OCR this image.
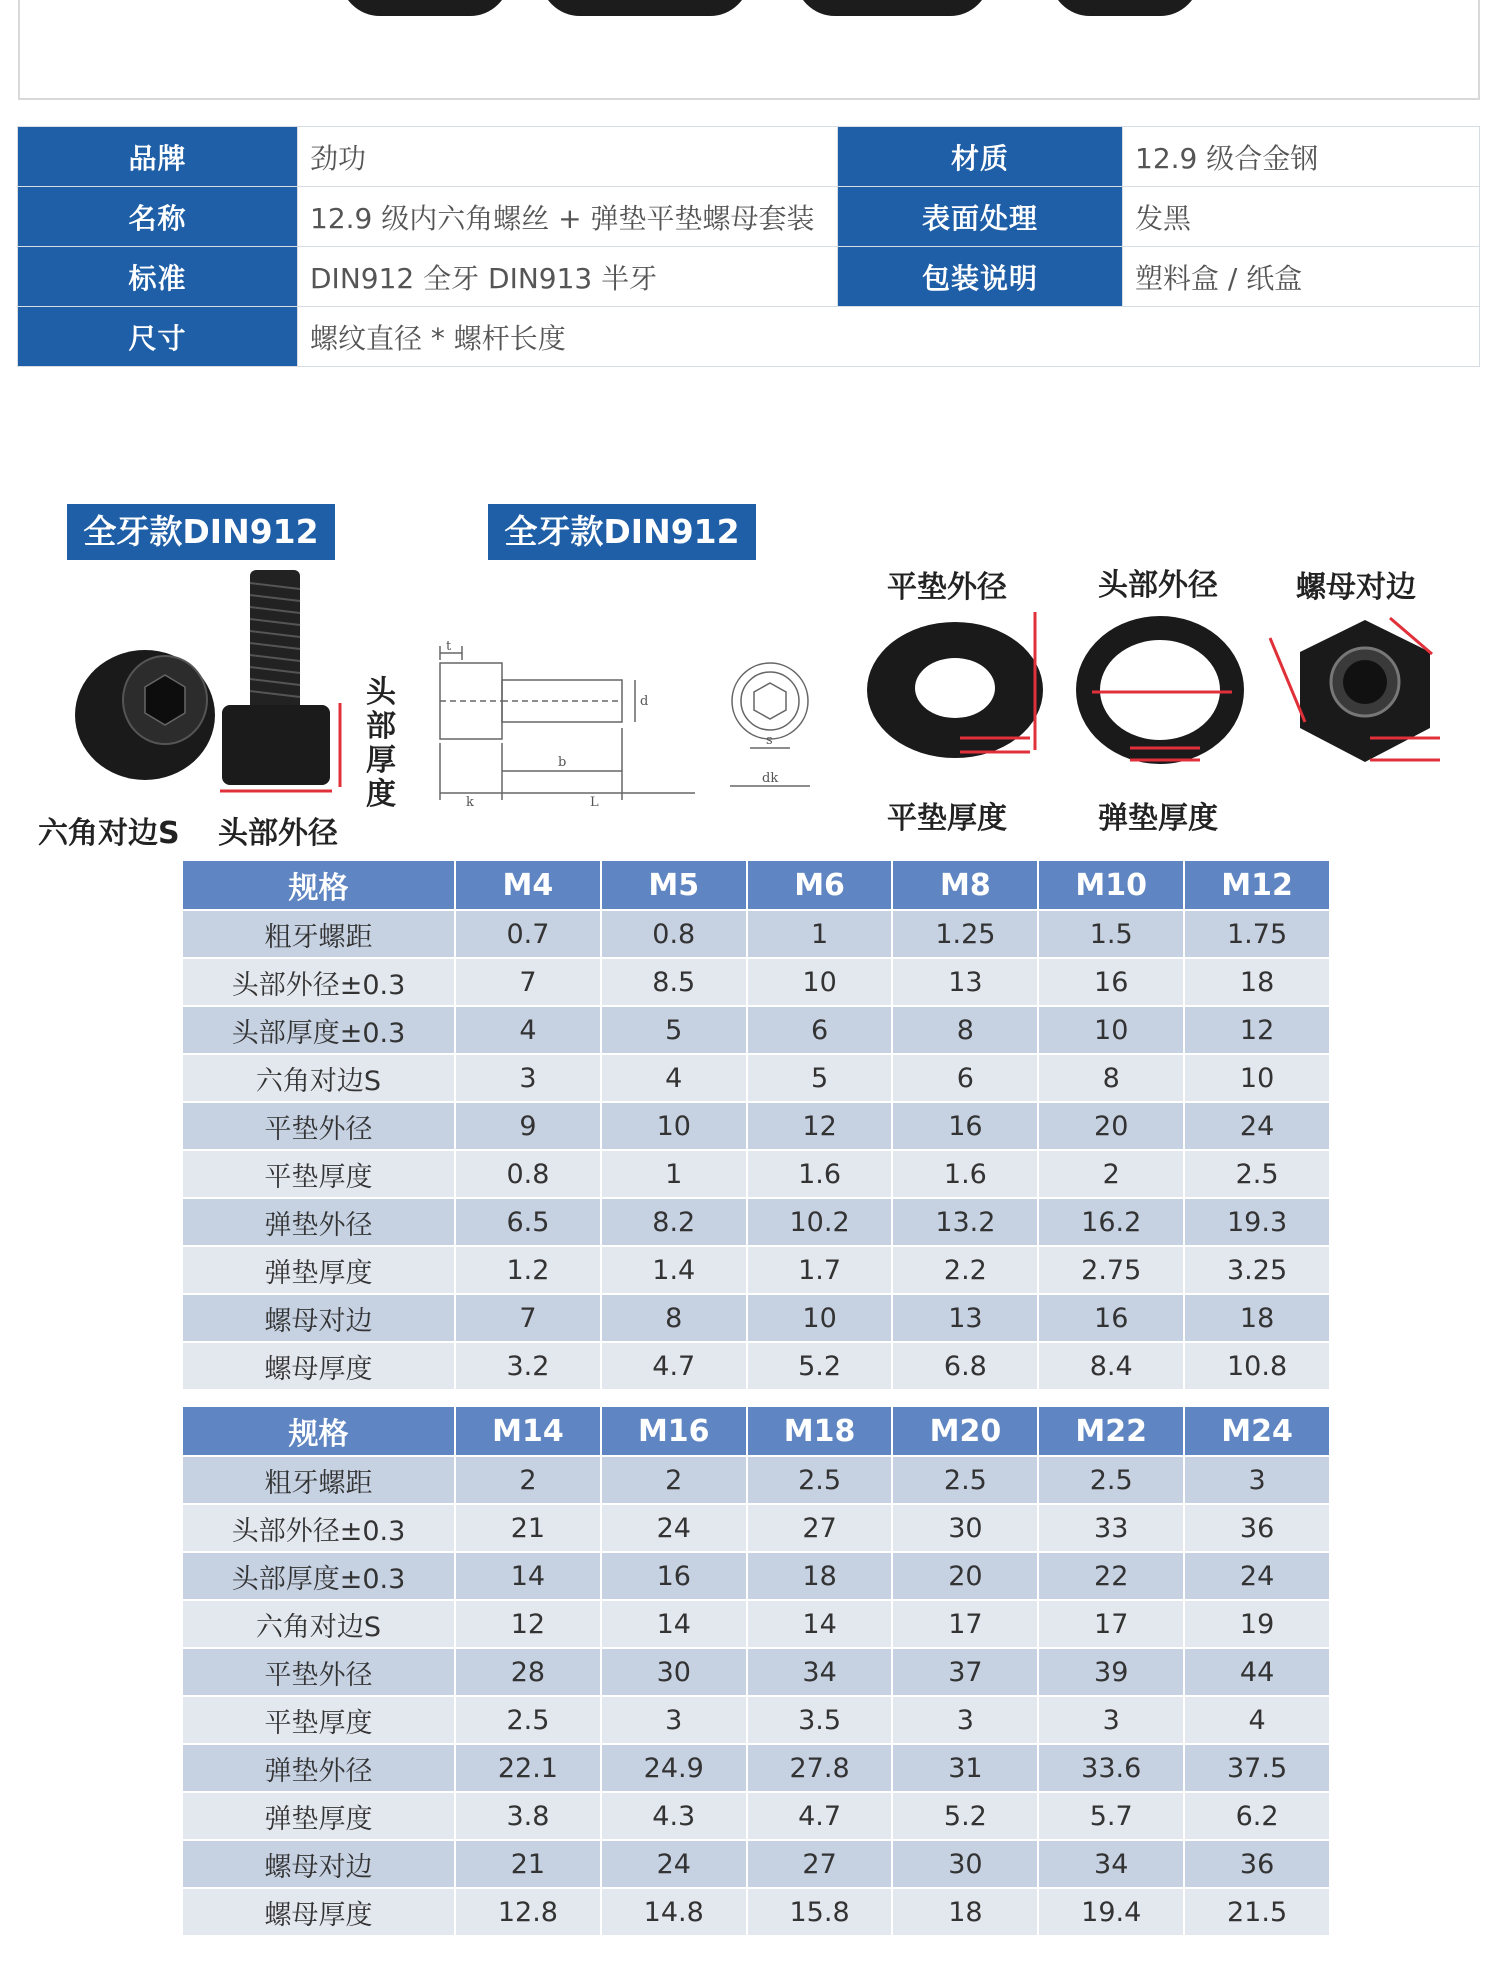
品牌	劲功	材质	12.9 级合金钢
名称	12.9 级内六角螺丝 + 弹垫平垫螺母套装	表面处理	发黑
标准	DIN912 全牙 DIN913 半牙	包装说明	塑料盒 / 纸盒
尺寸	螺纹直径 * 螺杆长度		
全牙款DIN912	全牙款DIN912
头部厚度
六角对边S 头部外径
t
d
b
k	L
s
dk
平垫外径	头部外径	螺母对边
平垫厚度	弹垫厚度
规格	M4	M5	M6	M8	M10	M12
粗牙螺距	0.7	0.8	1	1.25	1.5	1.75
头部外径±0.3	7	8.5	10	13	16	18
头部厚度±0.3	4	5	6	8	10	12
六角对边S	3	4	5	6	8	10
平垫外径	9	10	12	16	20	24
平垫厚度	0.8	1	1.6	1.6	2	2.5
弹垫外径	6.5	8.2	10.2	13.2	16.2	19.3
弹垫厚度	1.2	1.4	1.7	2.2	2.75	3.25
螺母对边	7	8	10	13	16	18
螺母厚度	3.2	4.7	5.2	6.8	8.4	10.8
规格	M14	M16	M18	M20	M22	M24
粗牙螺距	2	2	2.5	2.5	2.5	3
头部外径±0.3	21	24	27	30	33	36
头部厚度±0.3	14	16	18	20	22	24
六角对边S	12	14	14	17	17	19
平垫外径	28	30	34	37	39	44
平垫厚度	2.5	3	3.5	3	3	4
弹垫外径	22.1	24.9	27.8	31	33.6	37.5
弹垫厚度	3.8	4.3	4.7	5.2	5.7	6.2
螺母对边	21	24	27	30	34	36
螺母厚度	12.8	14.8	15.8	18	19.4	21.5
